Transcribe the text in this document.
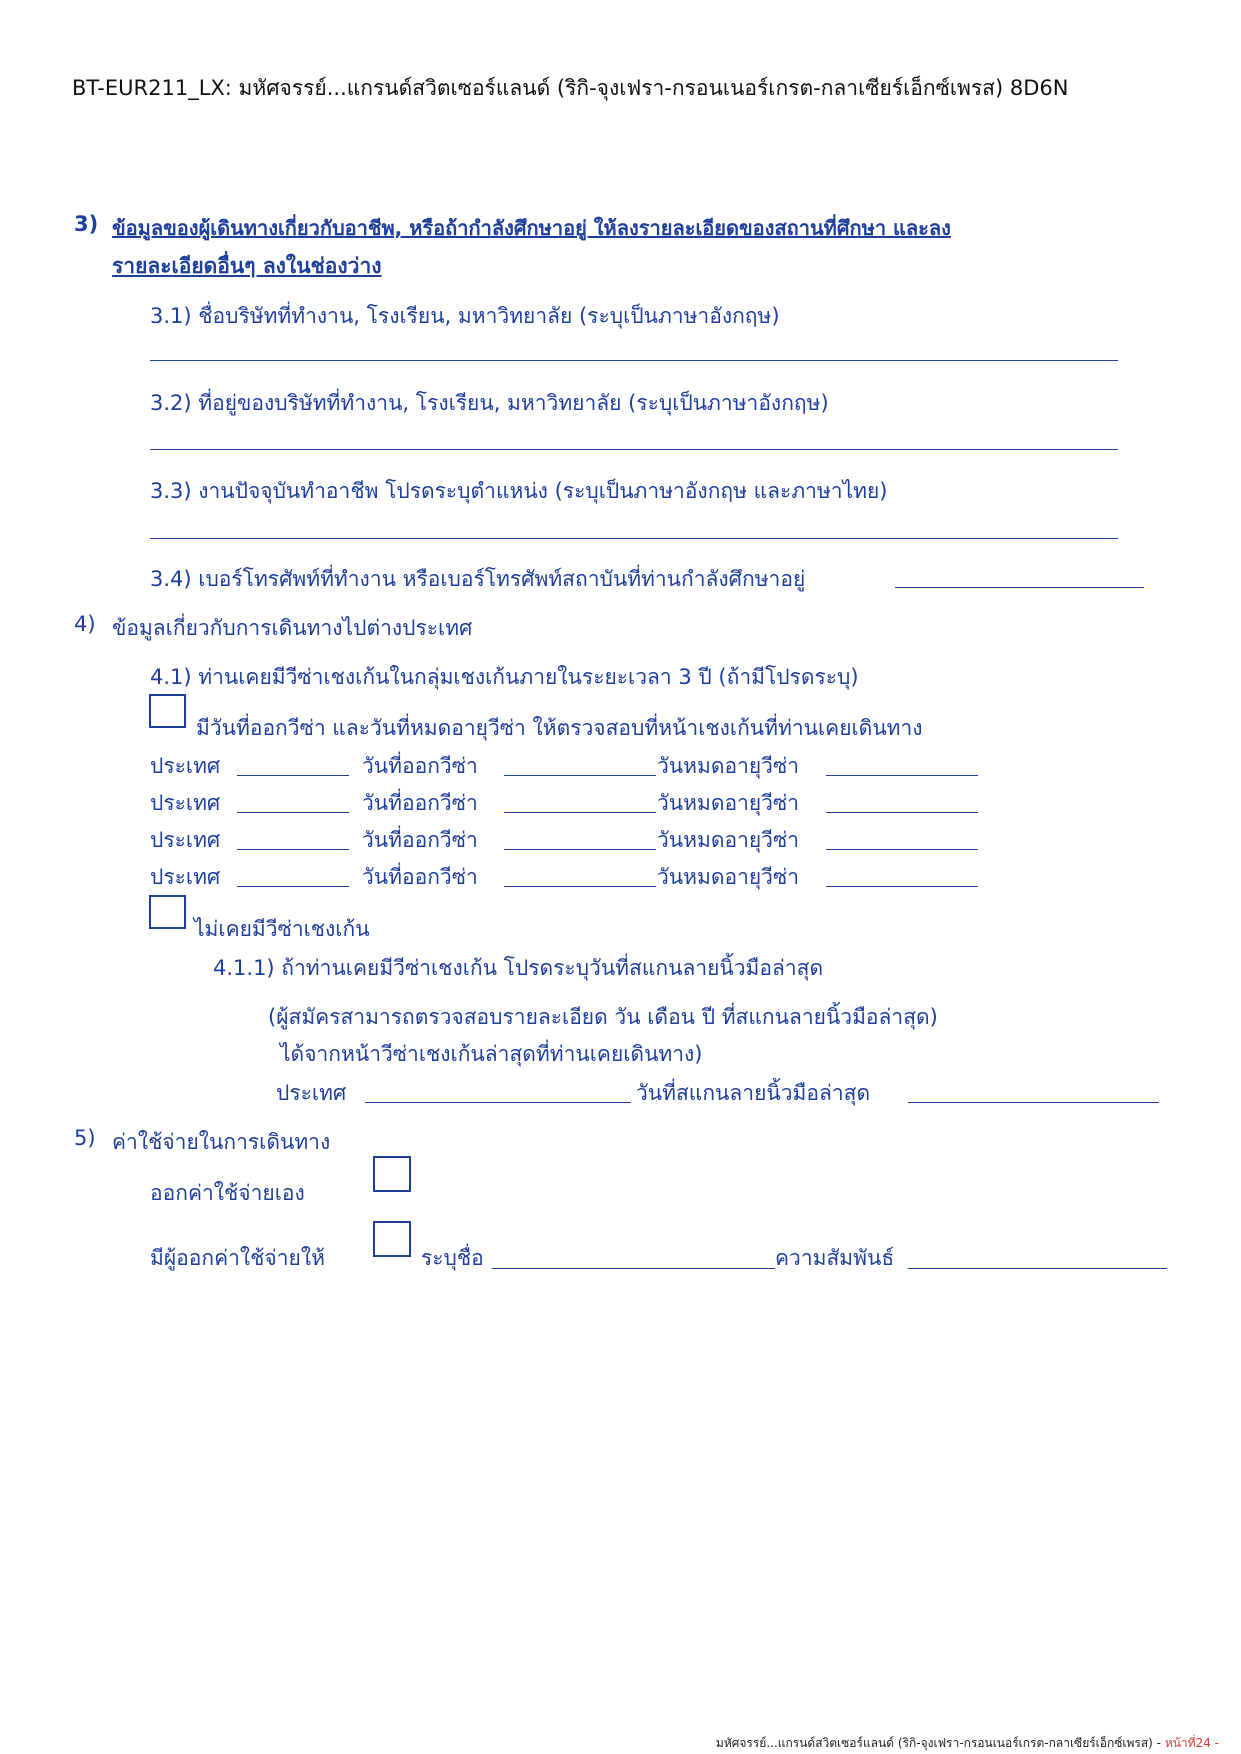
BT-EUR211_LX: มหัศจรรย์...แกรนด์สวิตเซอร์แลนด์ (ริกิ-จุงเฟรา-กรอนเนอร์เกรต-กลาเซียร์เอ็กซ์เพรส) 8D6N
3) ข้อมูลของผู้เดินทางเกี่ยวกับอาชีพ, หรือถ้ากำลังศึกษาอยู่ ให้ลงรายละเอียดของสถานที่ศึกษา และลง
รายละเอียดอื่นๆ ลงในช่องว่าง
3.1) ชื่อบริษัทที่ทำงาน, โรงเรียน, มหาวิทยาลัย (ระบุเป็นภาษาอังกฤษ)
3.2) ที่อยู่ของบริษัทที่ทำงาน, โรงเรียน, มหาวิทยาลัย (ระบุเป็นภาษาอังกฤษ)
3.3) งานปัจจุบันทำอาชีพ โปรดระบุตำแหน่ง (ระบุเป็นภาษาอังกฤษ และภาษาไทย)
3.4) เบอร์โทรศัพท์ที่ทำงาน หรือเบอร์โทรศัพท์สถาบันที่ท่านกำลังศึกษาอยู่
4) ข้อมูลเกี่ยวกับการเดินทางไปต่างประเทศ
4.1) ท่านเคยมีวีซ่าเชงเก้นในกลุ่มเชงเก้นภายในระยะเวลา 3 ปี (ถ้ามีโปรดระบุ)
มีวันที่ออกวีซ่า และวันที่หมดอายุวีซ่า ให้ตรวจสอบที่หน้าเชงเก้นที่ท่านเคยเดินทาง
ประเทศ	วันที่ออกวีซ่า	วันหมดอายุวีซ่า
ประเทศ	วันที่ออกวีซ่า	วันหมดอายุวีซ่า
ประเทศ	วันที่ออกวีซ่า	วันหมดอายุวีซ่า
ประเทศ	วันที่ออกวีซ่า	วันหมดอายุวีซ่า
ไม่เคยมีวีซ่าเชงเก้น
4.1.1) ถ้าท่านเคยมีวีซ่าเชงเก้น โปรดระบุวันที่สแกนลายนิ้วมือล่าสุด
(ผู้สมัครสามารถตรวจสอบรายละเอียด วัน เดือน ปี ที่สแกนลายนิ้วมือล่าสุด)
ได้จากหน้าวีซ่าเชงเก้นล่าสุดที่ท่านเคยเดินทาง)
ประเทศ	วันที่สแกนลายนิ้วมือล่าสุด
5) ค่าใช้จ่ายในการเดินทาง
ออกค่าใช้จ่ายเอง
มีผู้ออกค่าใช้จ่ายให้	ระบุชื่อ	ความสัมพันธ์
มหัศจรรย์...แกรนด์สวิตเซอร์แลนด์ (ริกิ-จุงเฟรา-กรอนเนอร์เกรต-กลาเซียร์เอ็กซ์เพรส) - หน้าที่24 -
